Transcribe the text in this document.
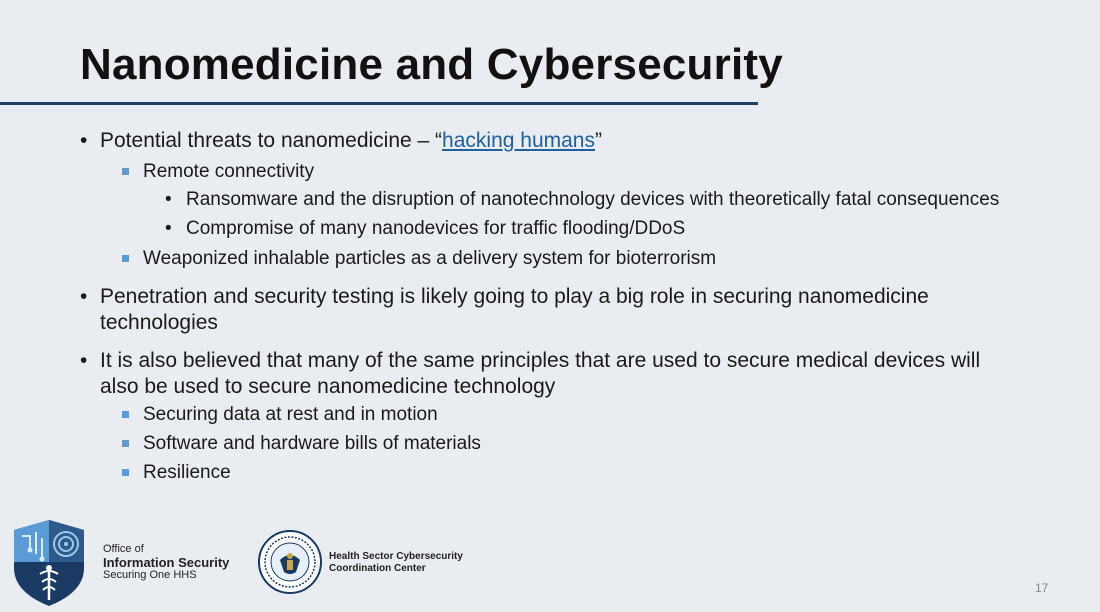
Nanomedicine and Cybersecurity
• Potential threats to nanomedicine – “hacking humans”
Remote connectivity
• Ransomware and the disruption of nanotechnology devices with theoretically fatal consequences
• Compromise of many nanodevices for traffic flooding/DDoS
Weaponized inhalable particles as a delivery system for bioterrorism
• Penetration and security testing is likely going to play a big role in securing nanomedicine
technologies
• It is also believed that many of the same principles that are used to secure medical devices will
also be used to secure nanomedicine technology
Securing data at rest and in motion
Software and hardware bills of materials
Resilience
Office of
Information Security
Securing One HHS
Health Sector Cybersecurity
Coordination Center
17
